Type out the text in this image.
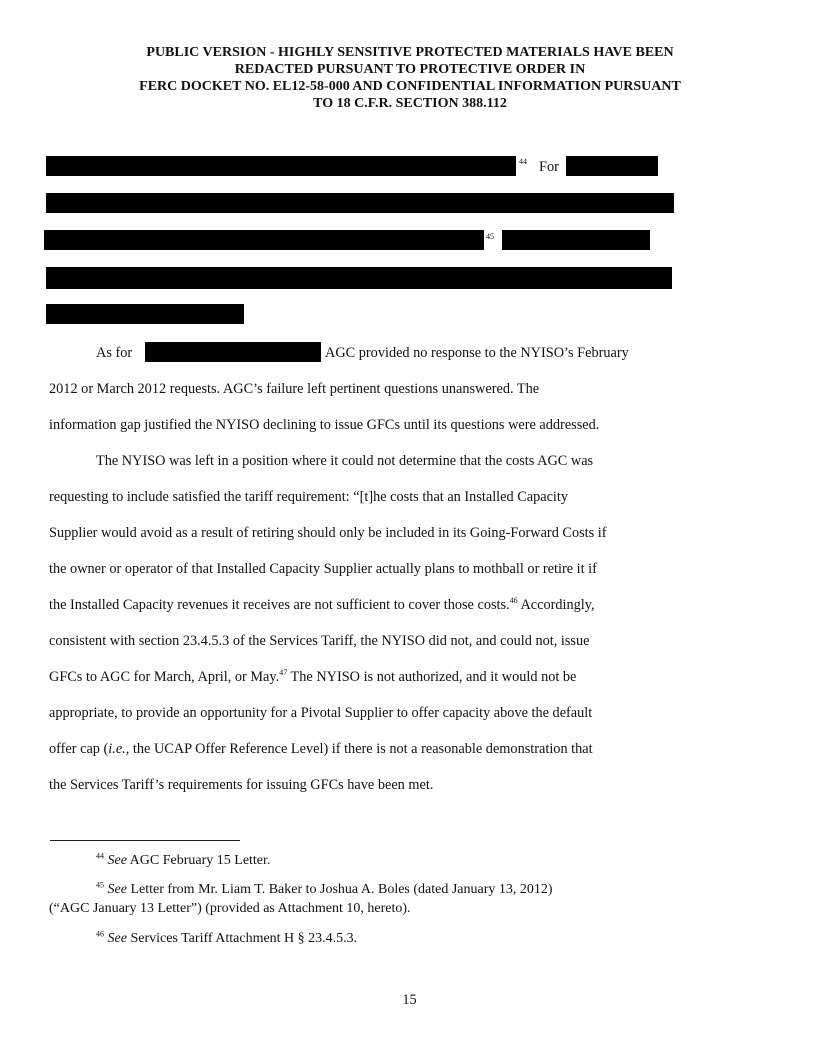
PUBLIC VERSION - HIGHLY SENSITIVE PROTECTED MATERIALS HAVE BEEN
REDACTED PURSUANT TO PROTECTIVE ORDER IN
FERC DOCKET NO. EL12-58-000 AND CONFIDENTIAL INFORMATION PURSUANT
TO 18 C.F.R. SECTION 388.112
44 For
45
As for	AGC provided no response to the NYISO’s February
2012 or March 2012 requests. AGC’s failure left pertinent questions unanswered. The
information gap justified the NYISO declining to issue GFCs until its questions were addressed.
The NYISO was left in a position where it could not determine that the costs AGC was
requesting to include satisfied the tariff requirement: “[t]he costs that an Installed Capacity
Supplier would avoid as a result of retiring should only be included in its Going-Forward Costs if
the owner or operator of that Installed Capacity Supplier actually plans to mothball or retire it if
the Installed Capacity revenues it receives are not sufficient to cover those costs.$^{46}$ Accordingly,
consistent with section 23.4.5.3 of the Services Tariff, the NYISO did not, and could not, issue
GFCs to AGC for March, April, or May.$^{47}$ The NYISO is not authorized, and it would not be
appropriate, to provide an opportunity for a Pivotal Supplier to offer capacity above the default
offer cap (i.e., the UCAP Offer Reference Level) if there is not a reasonable demonstration that
the Services Tariff’s requirements for issuing GFCs have been met.
$^{44}$ See AGC February 15 Letter.
$^{45}$ See Letter from Mr. Liam T. Baker to Joshua A. Boles (dated January 13, 2012)
(“AGC January 13 Letter”) (provided as Attachment 10, hereto).
$^{46}$ See Services Tariff Attachment H § 23.4.5.3.
15
